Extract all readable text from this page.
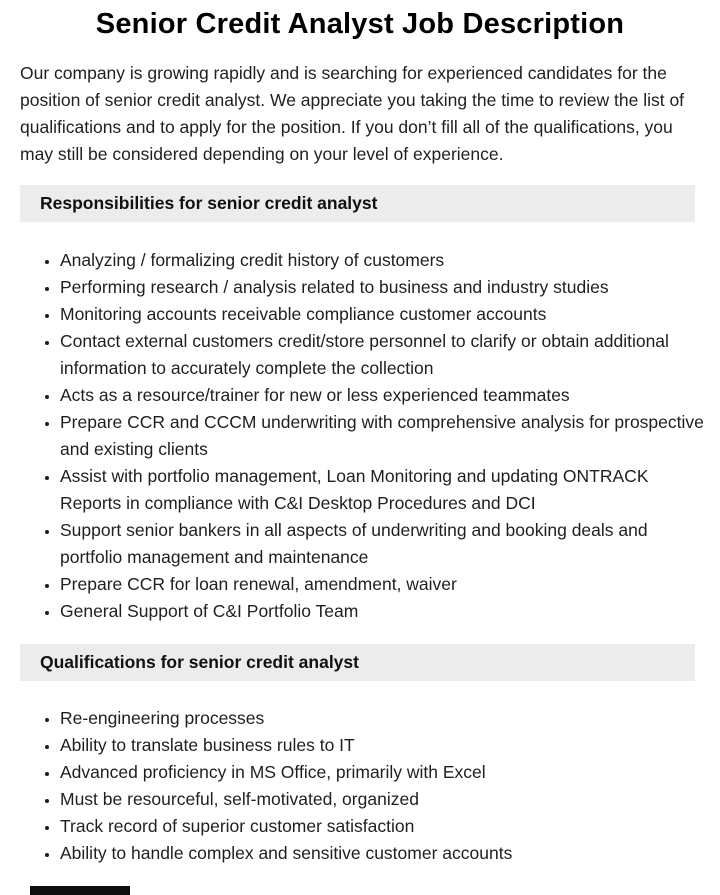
Senior Credit Analyst Job Description

Our company is growing rapidly and is searching for experienced candidates for the position of senior credit analyst. We appreciate you taking the time to review the list of qualifications and to apply for the position. If you don’t fill all of the qualifications, you may still be considered depending on your level of experience.

Responsibilities for senior credit analyst
• Analyzing / formalizing credit history of customers
• Performing research / analysis related to business and industry studies
• Monitoring accounts receivable compliance customer accounts
• Contact external customers credit/store personnel to clarify or obtain additional information to accurately complete the collection
• Acts as a resource/trainer for new or less experienced teammates
• Prepare CCR and CCCM underwriting with comprehensive analysis for prospective and existing clients
• Assist with portfolio management, Loan Monitoring and updating ONTRACK Reports in compliance with C&I Desktop Procedures and DCI
• Support senior bankers in all aspects of underwriting and booking deals and portfolio management and maintenance
• Prepare CCR for loan renewal, amendment, waiver
• General Support of C&I Portfolio Team
Qualifications for senior credit analyst
• Re-engineering processes
• Ability to translate business rules to IT
• Advanced proficiency in MS Office, primarily with Excel
• Must be resourceful, self-motivated, organized
• Track record of superior customer satisfaction
• Ability to handle complex and sensitive customer accounts
